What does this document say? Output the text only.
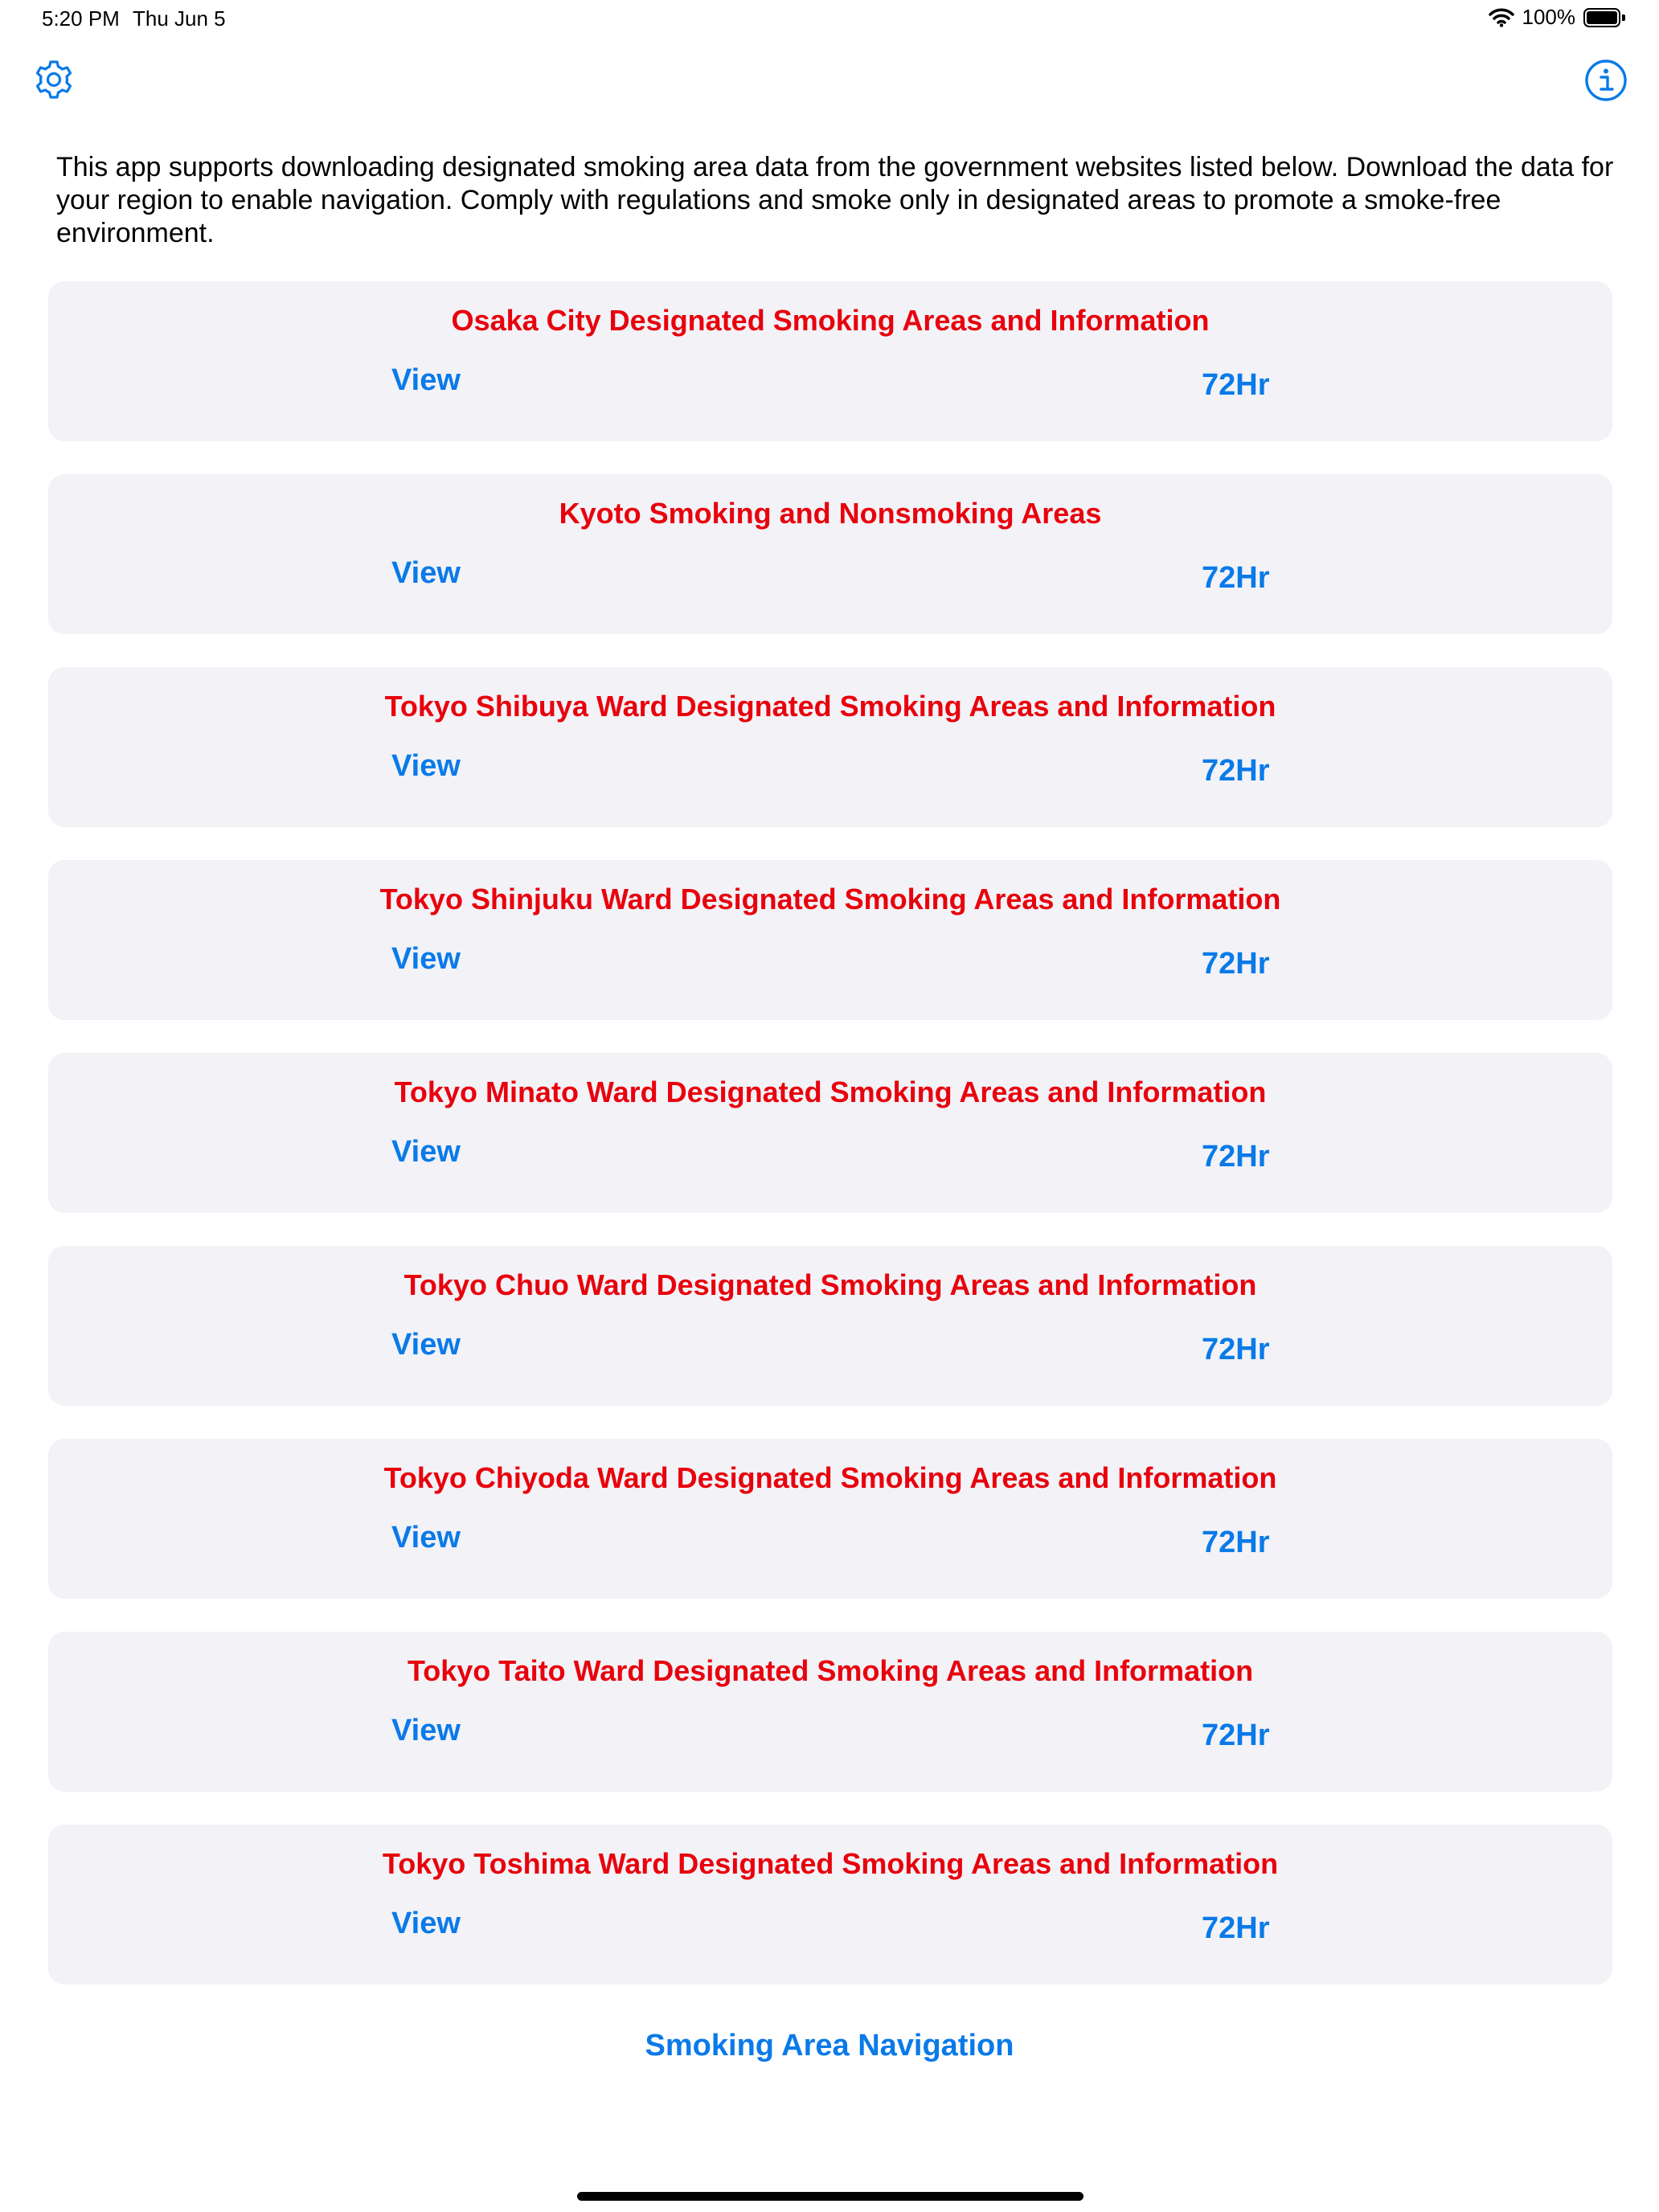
5:20 PM Thu Jun 5	100%
This app supports downloading designated smoking area data from the government websites listed below. Download the data for your region to enable navigation. Comply with regulations and smoke only in designated areas to promote a smoke-free environment.
Osaka City Designated Smoking Areas and Information
View	72Hr
Kyoto Smoking and Nonsmoking Areas
View	72Hr
Tokyo Shibuya Ward Designated Smoking Areas and Information
View	72Hr
Tokyo Shinjuku Ward Designated Smoking Areas and Information
View	72Hr
Tokyo Minato Ward Designated Smoking Areas and Information
View	72Hr
Tokyo Chuo Ward Designated Smoking Areas and Information
View	72Hr
Tokyo Chiyoda Ward Designated Smoking Areas and Information
View	72Hr
Tokyo Taito Ward Designated Smoking Areas and Information
View	72Hr
Tokyo Toshima Ward Designated Smoking Areas and Information
View	72Hr
Smoking Area Navigation
